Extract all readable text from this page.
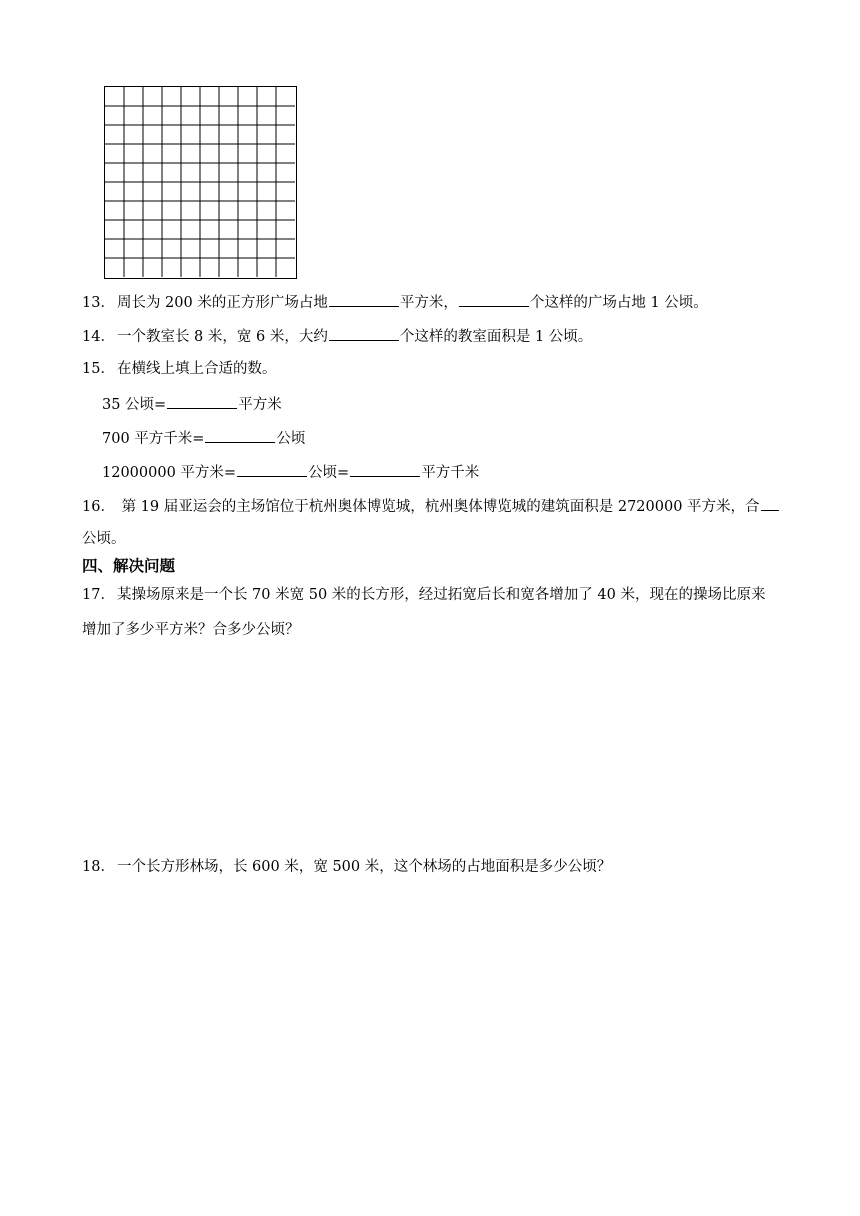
13． 周长为 200 米的正方形广场占地	平方米，	个这样的广场占地 1 公顷。
14． 一个教室长 8 米，宽 6 米，大约	个这样的教室面积是 1 公顷。
15． 在横线上填上合适的数。
35 公顷=	平方米
700 平方千米=	公顷
12000000 平方米=	公顷=	平方千米
16． 第 19 届亚运会的主场馆位于杭州奥体博览城，杭州奥体博览城的建筑面积是 2720000 平方米，合
公顷。
四、解决问题
17． 某操场原来是一个长 70 米宽 50 米的长方形，经过拓宽后长和宽各增加了 40 米，现在的操场比原来
增加了多少平方米？合多少公顷？
18． 一个长方形林场，长 600 米，宽 500 米，这个林场的占地面积是多少公顷？
